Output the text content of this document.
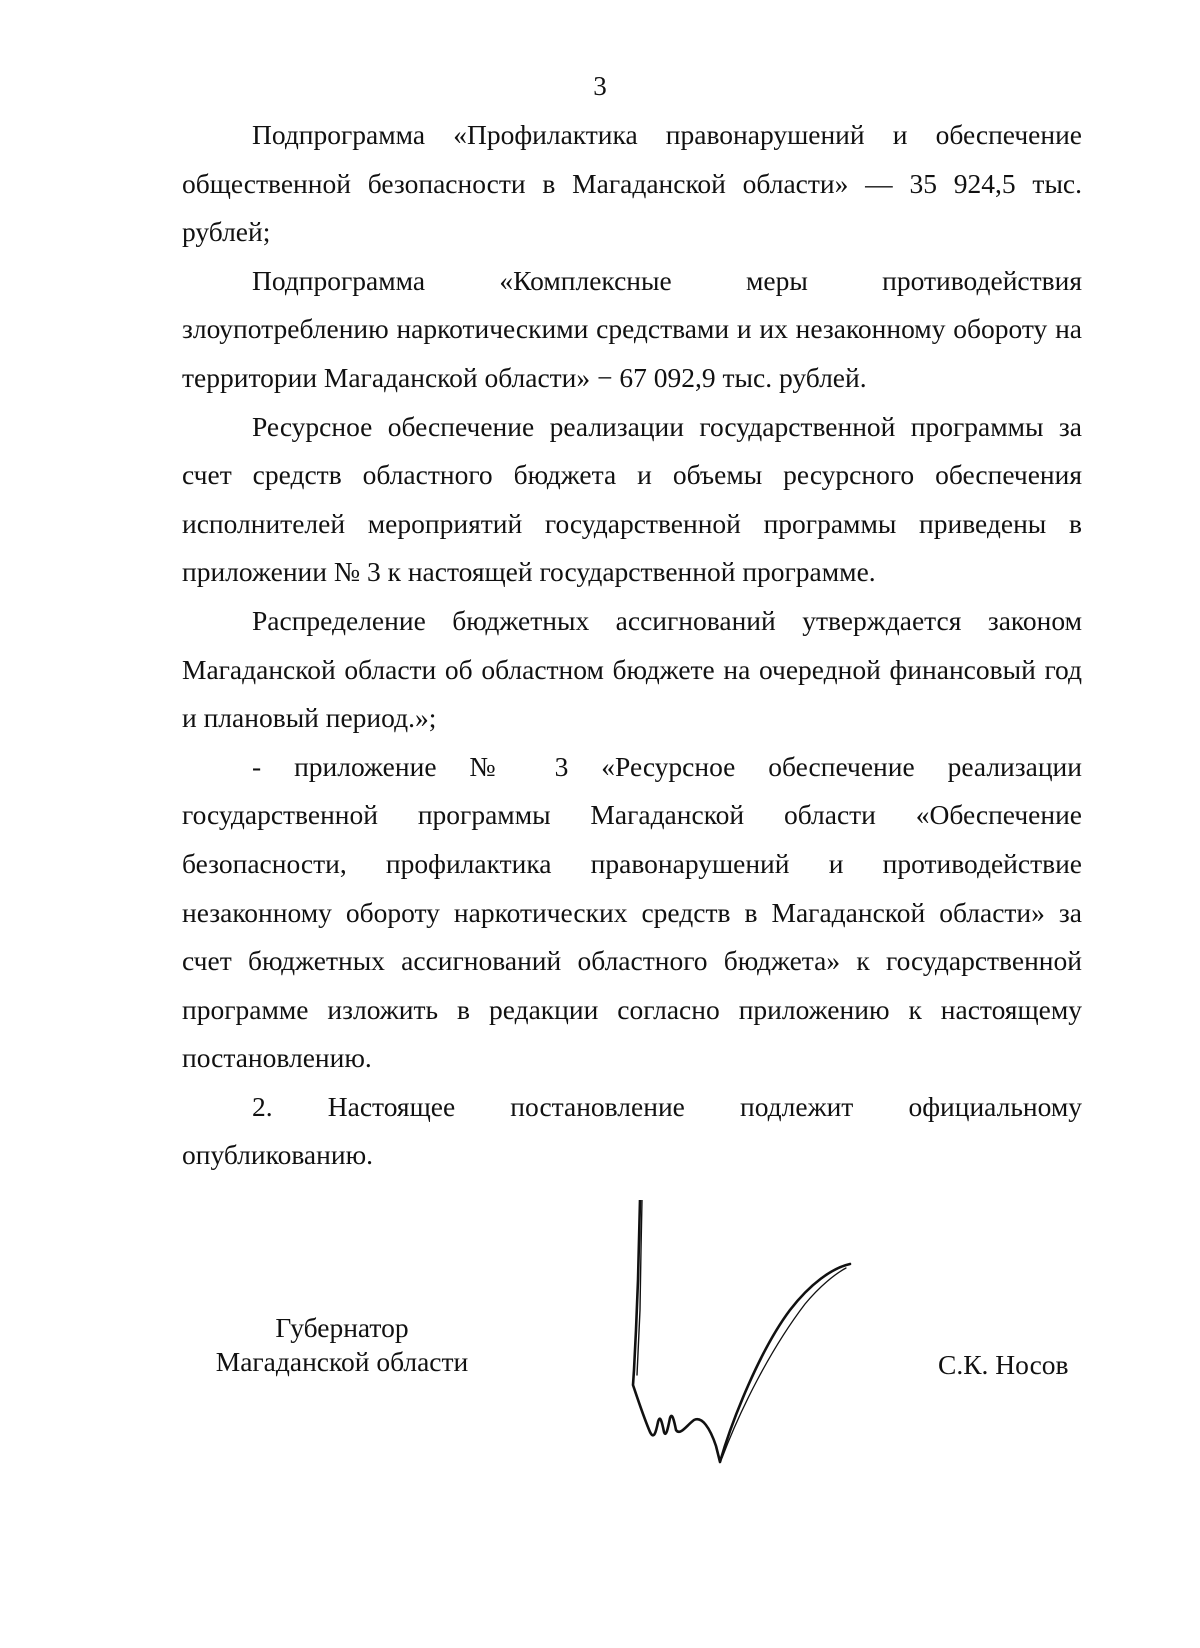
3

Подпрограмма «Профилактика правонарушений и обеспечение общественной безопасности в Магаданской области» — 35 924,5 тыс. рублей;

Подпрограмма «Комплексные меры противодействия злоупотреблению наркотическими средствами и их незаконному обороту на территории Магаданской области» − 67 092,9 тыс. рублей.

Ресурсное обеспечение реализации государственной программы за счет средств областного бюджета и объемы ресурсного обеспечения исполнителей мероприятий государственной программы приведены в приложении № 3 к настоящей государственной программе.

Распределение бюджетных ассигнований утверждается законом Магаданской области об областном бюджете на очередной финансовый год и плановый период.»;

- приложение № 3 «Ресурсное обеспечение реализации государственной программы Магаданской области «Обеспечение безопасности, профилактика правонарушений и противодействие незаконному обороту наркотических средств в Магаданской области» за счет бюджетных ассигнований областного бюджета» к государственной программе изложить в редакции согласно приложению к настоящему постановлению.

2. Настоящее постановление подлежит официальному опубликованию.

Губернатор
Магаданской области	С.К. Носов
